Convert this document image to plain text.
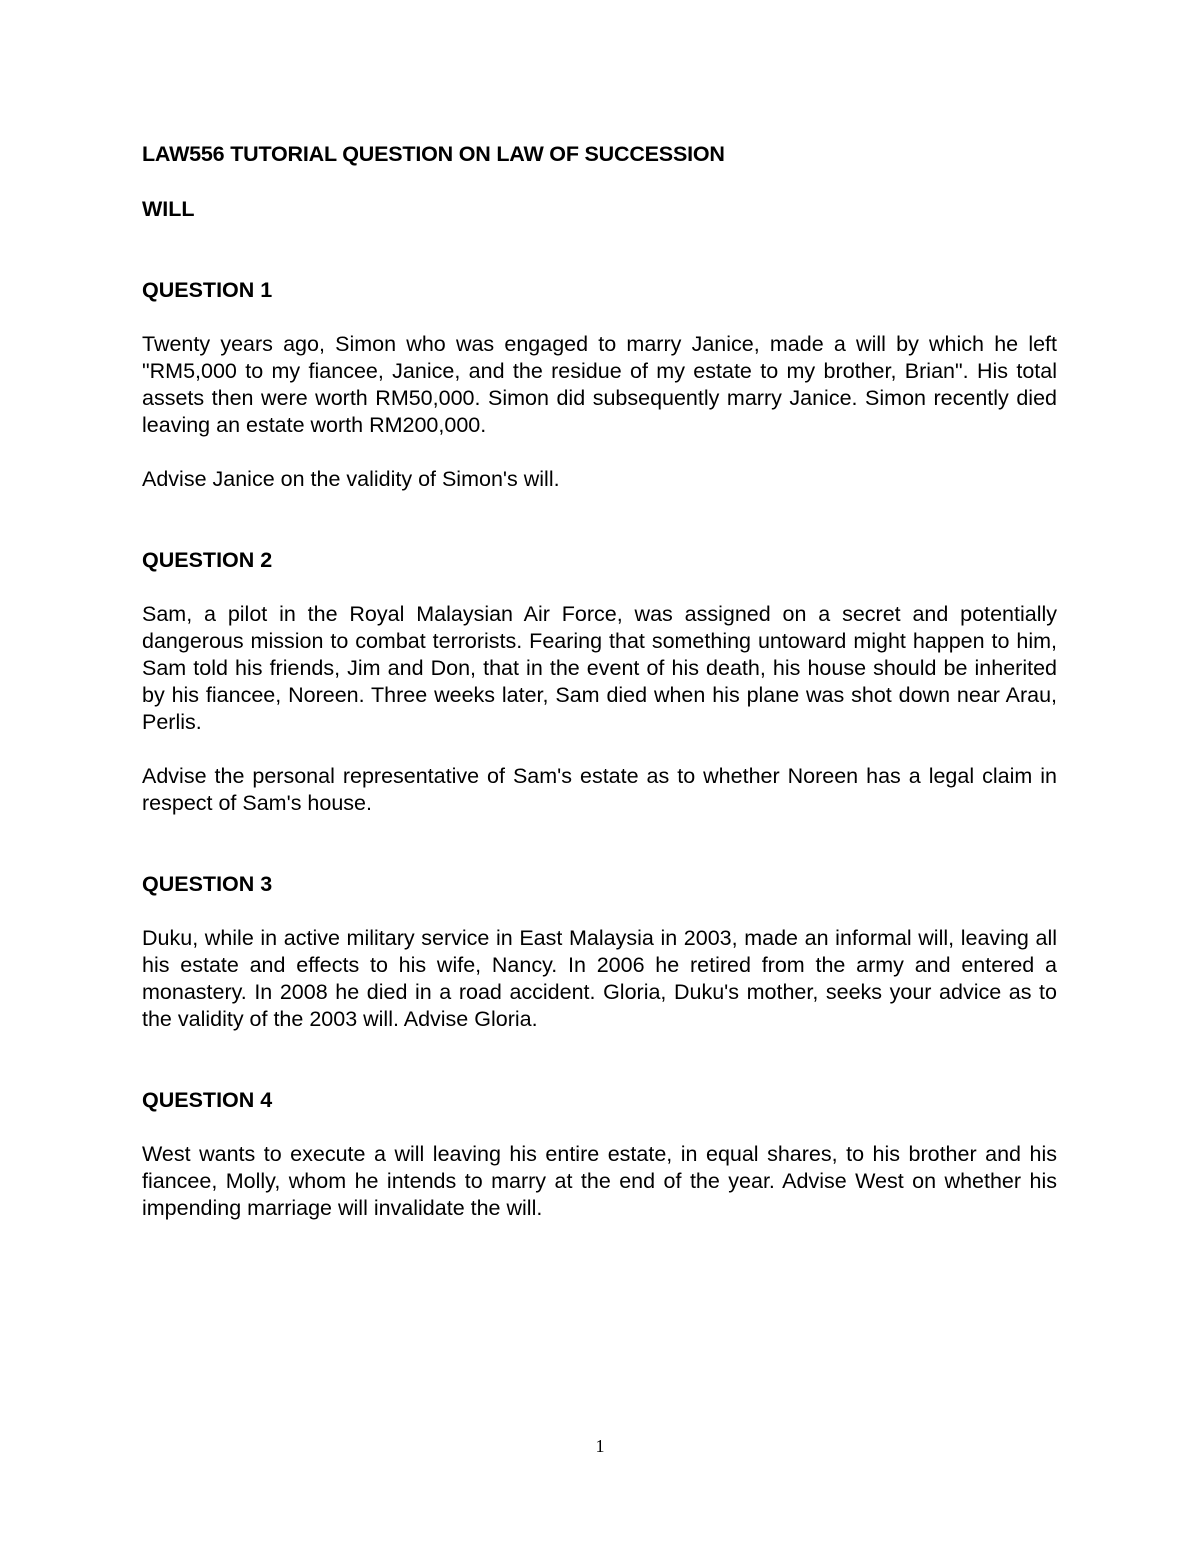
LAW556 TUTORIAL QUESTION ON LAW OF SUCCESSION

WILL

QUESTION 1

Twenty years ago, Simon who was engaged to marry Janice, made a will by which he left "RM5,000 to my fiancee, Janice, and the residue of my estate to my brother, Brian". His total assets then were worth RM50,000. Simon did subsequently marry Janice. Simon recently died leaving an estate worth RM200,000.

Advise Janice on the validity of Simon's will.

QUESTION 2

Sam, a pilot in the Royal Malaysian Air Force, was assigned on a secret and potentially dangerous mission to combat terrorists. Fearing that something untoward might happen to him, Sam told his friends, Jim and Don, that in the event of his death, his house should be inherited by his fiancee, Noreen. Three weeks later, Sam died when his plane was shot down near Arau, Perlis.

Advise the personal representative of Sam's estate as to whether Noreen has a legal claim in respect of Sam's house.

QUESTION 3

Duku, while in active military service in East Malaysia in 2003, made an informal will, leaving all his estate and effects to his wife, Nancy. In 2006 he retired from the army and entered a monastery. In 2008 he died in a road accident. Gloria, Duku's mother, seeks your advice as to the validity of the 2003 will. Advise Gloria.

QUESTION 4

West wants to execute a will leaving his entire estate, in equal shares, to his brother and his fiancee, Molly, whom he intends to marry at the end of the year. Advise West on whether his impending marriage will invalidate the will.

1
